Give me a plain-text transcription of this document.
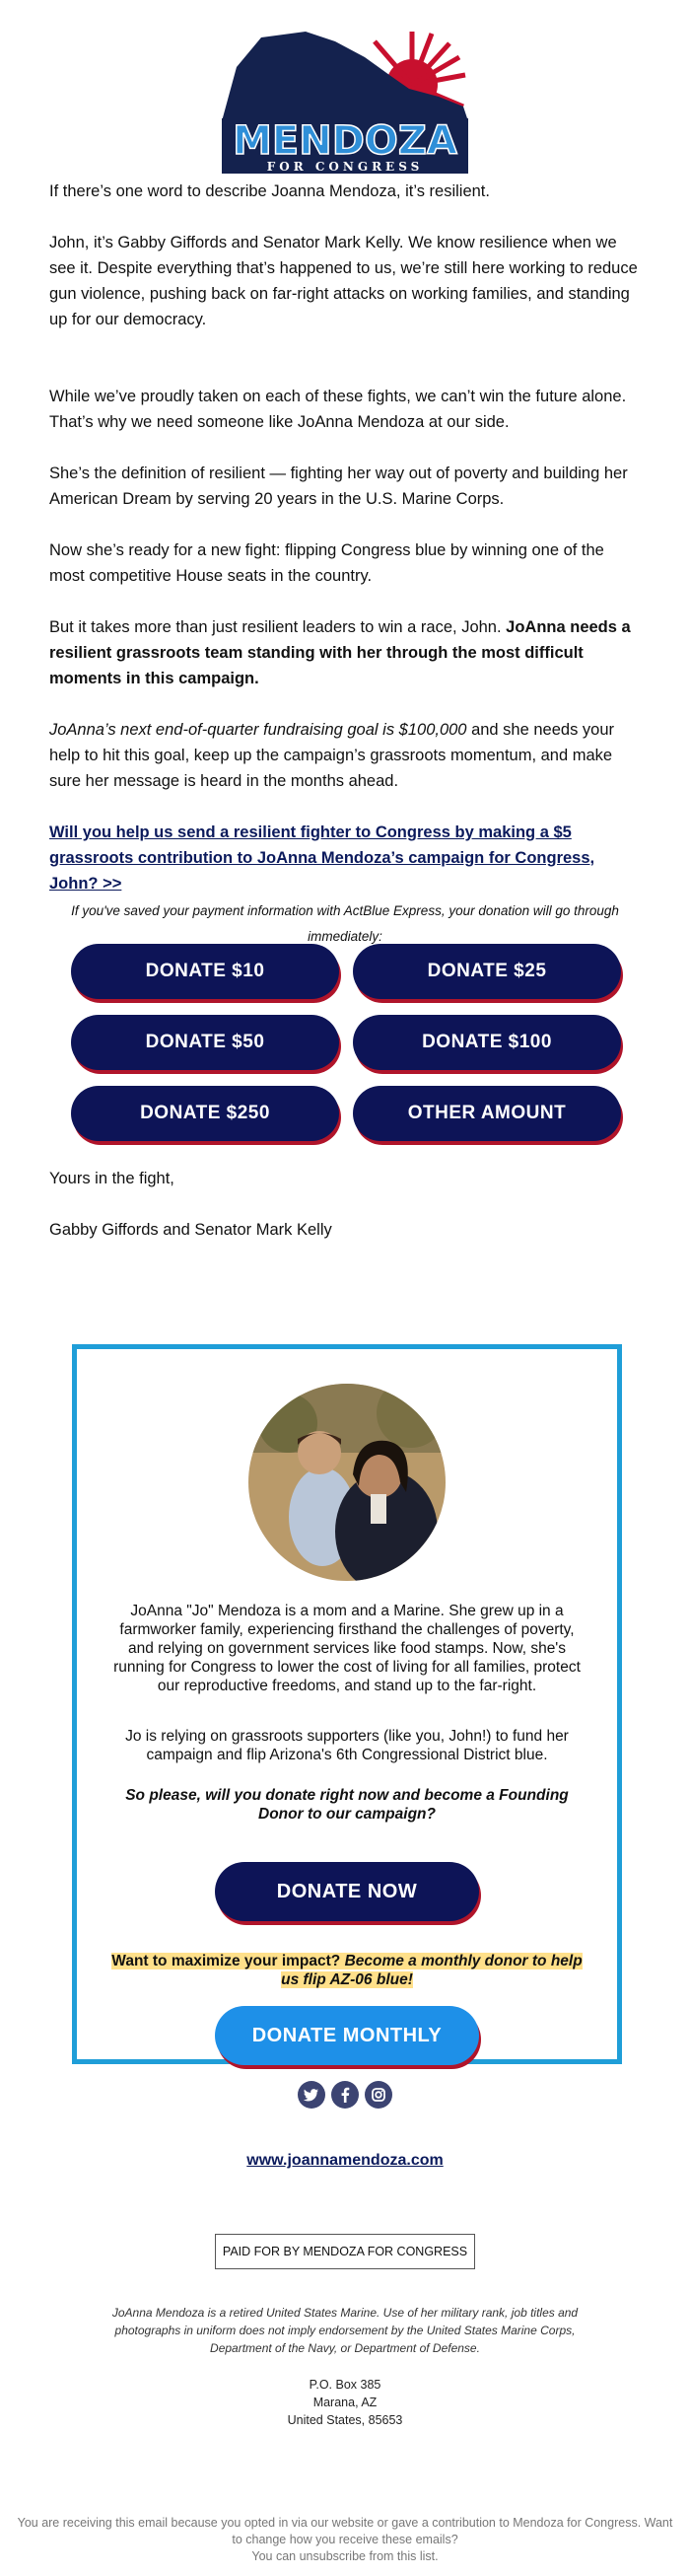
MENDOZA
FOR CONGRESS

If there’s one word to describe Joanna Mendoza, it’s resilient.

John, it’s Gabby Giffords and Senator Mark Kelly. We know resilience when we see it. Despite everything that’s happened to us, we’re still here working to reduce gun violence, pushing back on far-right attacks on working families, and standing up for our democracy.

While we’ve proudly taken on each of these fights, we can’t win the future alone. That’s why we need someone like JoAnna Mendoza at our side.

She’s the definition of resilient — fighting her way out of poverty and building her American Dream by serving 20 years in the U.S. Marine Corps.

Now she’s ready for a new fight: flipping Congress blue by winning one of the most competitive House seats in the country.

But it takes more than just resilient leaders to win a race, John. JoAnna needs a resilient grassroots team standing with her through the most difficult moments in this campaign.

JoAnna’s next end-of-quarter fundraising goal is $100,000 and she needs your help to hit this goal, keep up the campaign’s grassroots momentum, and make sure her message is heard in the months ahead.

Will you help us send a resilient fighter to Congress by making a $5 grassroots contribution to JoAnna Mendoza’s campaign for Congress, John? >>

If you've saved your payment information with ActBlue Express, your donation will go through immediately:

DONATE $10	DONATE $25
DONATE $50	DONATE $100
DONATE $250	OTHER AMOUNT

Yours in the fight,

Gabby Giffords and Senator Mark Kelly

JoAnna "Jo" Mendoza is a mom and a Marine. She grew up in a farmworker family, experiencing firsthand the challenges of poverty, and relying on government services like food stamps. Now, she's running for Congress to lower the cost of living for all families, protect our reproductive freedoms, and stand up to the far-right.

Jo is relying on grassroots supporters (like you, John!) to fund her campaign and flip Arizona's 6th Congressional District blue.

So please, will you donate right now and become a Founding Donor to our campaign?

DONATE NOW

Want to maximize your impact? Become a monthly donor to help us flip AZ-06 blue!

DONATE MONTHLY
www.joannamendoza.com
PAID FOR BY MENDOZA FOR CONGRESS

JoAnna Mendoza is a retired United States Marine. Use of her military rank, job titles and photographs in uniform does not imply endorsement by the United States Marine Corps, Department of the Navy, or Department of Defense.

P.O. Box 385
Marana, AZ
United States, 85653
You are receiving this email because you opted in via our website or gave a contribution to Mendoza for Congress. Want to change how you receive these emails?
You can unsubscribe from this list.
